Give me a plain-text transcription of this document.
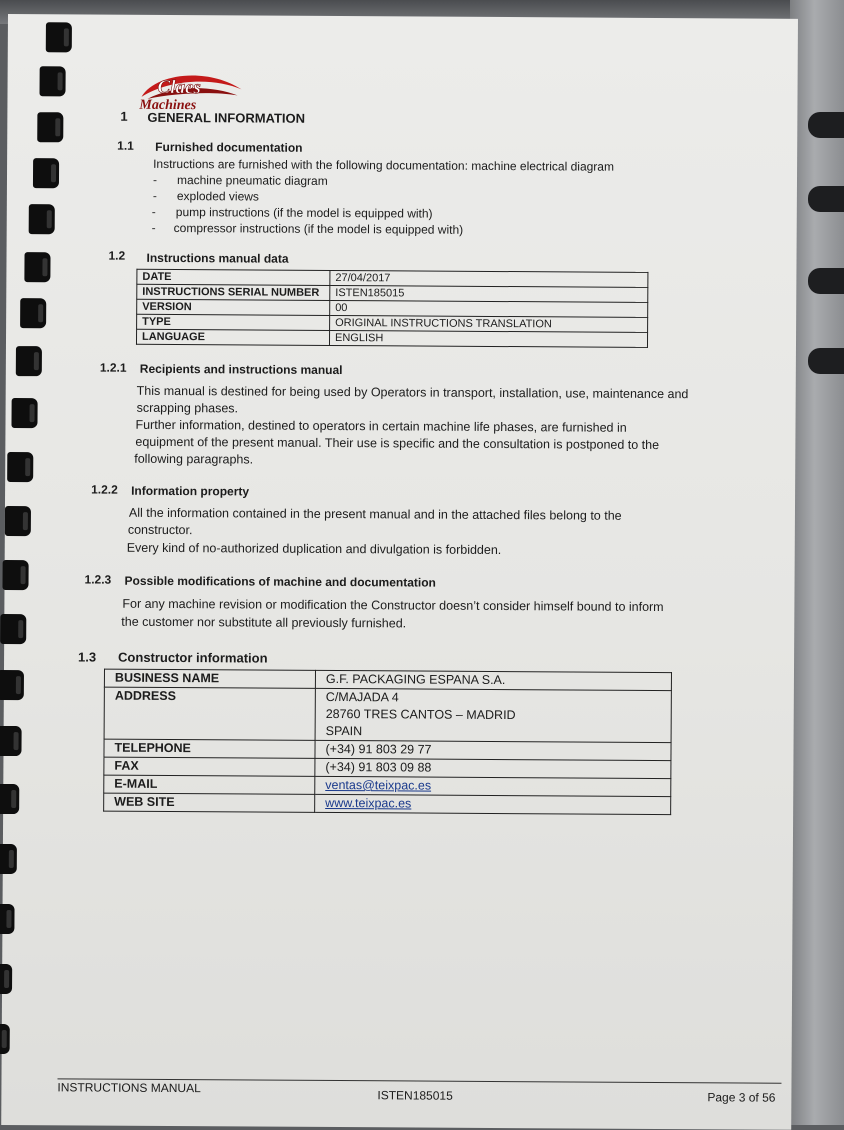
Claes
Machines
1 GENERAL INFORMATION
1.1 Furnished documentation
Instructions are furnished with the following documentation: machine electrical diagram
- machine pneumatic diagram
- exploded views
- pump instructions (if the model is equipped with)
- compressor instructions (if the model is equipped with)
1.2 Instructions manual data
DATE	27/04/2017
INSTRUCTIONS SERIAL NUMBER	ISTEN185015
VERSION	00
TYPE	ORIGINAL INSTRUCTIONS TRANSLATION
LANGUAGE	ENGLISH
1.2.1 Recipients and instructions manual
This manual is destined for being used by Operators in transport, installation, use, maintenance and
scrapping phases.
Further information, destined to operators in certain machine life phases, are furnished in
equipment of the present manual. Their use is specific and the consultation is postponed to the
following paragraphs.
1.2.2 Information property
All the information contained in the present manual and in the attached files belong to the
constructor.
Every kind of no-authorized duplication and divulgation is forbidden.
1.2.3 Possible modifications of machine and documentation
For any machine revision or modification the Constructor doesn’t consider himself bound to inform
the customer nor substitute all previously furnished.
1.3 Constructor information
BUSINESS NAME	G.F. PACKAGING ESPANA S.A.
ADDRESS	C/MAJADA 4
28760 TRES CANTOS – MADRID
SPAIN

TELEPHONE	(+34) 91 803 29 77
FAX	(+34) 91 803 09 88
E-MAIL	ventas@teixpac.es
WEB SITE	www.teixpac.es
INSTRUCTIONS MANUAL
ISTEN185015	Page 3 of 56
